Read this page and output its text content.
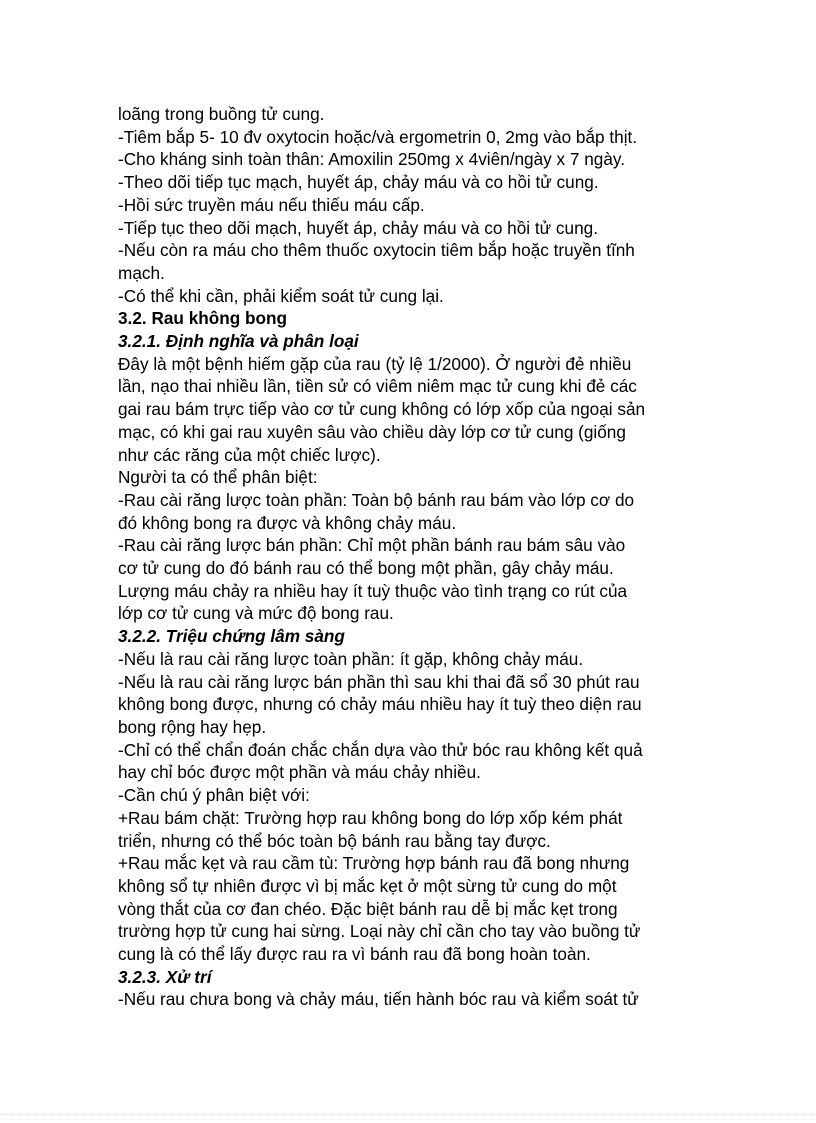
loãng trong buồng tử cung.
-Tiêm bắp 5- 10 đv oxytocin hoặc/và ergometrin 0, 2mg vào bắp thịt.
-Cho kháng sinh toàn thân: Amoxilin 250mg x 4viên/ngày x 7 ngày.
-Theo dõi tiếp tục mạch, huyết áp, chảy máu và co hồi tử cung.
-Hồi sức truyền máu nếu thiếu máu cấp.
-Tiếp tục theo dõi mạch, huyết áp, chảy máu và co hồi tử cung.
-Nếu còn ra máu cho thêm thuốc oxytocin tiêm bắp hoặc truyền tĩnh
mạch.
-Có thể khi cần, phải kiểm soát tử cung lại.
3.2. Rau không bong
3.2.1. Định nghĩa và phân loại
Đây là một bệnh hiếm gặp của rau (tỷ lệ 1/2000). Ở người đẻ nhiều
lần, nạo thai nhiều lần, tiền sử có viêm niêm mạc tử cung khi đẻ các
gai rau bám trực tiếp vào cơ tử cung không có lớp xốp của ngoại sản
mạc, có khi gai rau xuyên sâu vào chiều dày lớp cơ tử cung (giống
như các răng của một chiếc lược).
Người ta có thể phân biệt:
-Rau cài răng lược toàn phần: Toàn bộ bánh rau bám vào lớp cơ do
đó không bong ra được và không chảy máu.
-Rau cài răng lược bán phần: Chỉ một phần bánh rau bám sâu vào
cơ tử cung do đó bánh rau có thể bong một phần, gây chảy máu.
Lượng máu chảy ra nhiều hay ít tuỳ thuộc vào tình trạng co rút của
lớp cơ tử cung và mức độ bong rau.
3.2.2. Triệu chứng lâm sàng
-Nếu là rau cài răng lược toàn phần: ít gặp, không chảy máu.
-Nếu là rau cài răng lược bán phần thì sau khi thai đã sổ 30 phút rau
không bong được, nhưng có chảy máu nhiều hay ít tuỳ theo diện rau
bong rộng hay hẹp.
-Chỉ có thể chẩn đoán chắc chắn dựa vào thử bóc rau không kết quả
hay chỉ bóc được một phần và máu chảy nhiều.
-Cần chú ý phân biệt với:
+Rau bám chặt: Trường hợp rau không bong do lớp xốp kém phát
triển, nhưng có thể bóc toàn bộ bánh rau bằng tay được.
+Rau mắc kẹt và rau cầm tù: Trường hợp bánh rau đã bong nhưng
không sổ tự nhiên được vì bị mắc kẹt ở một sừng tử cung do một
vòng thắt của cơ đan chéo. Đặc biệt bánh rau dễ bị mắc kẹt trong
trường hợp tử cung hai sừng. Loại này chỉ cần cho tay vào buồng tử
cung là có thể lấy được rau ra vì bánh rau đã bong hoàn toàn.
3.2.3. Xử trí
-Nếu rau chưa bong và chảy máu, tiến hành bóc rau và kiểm soát tử
